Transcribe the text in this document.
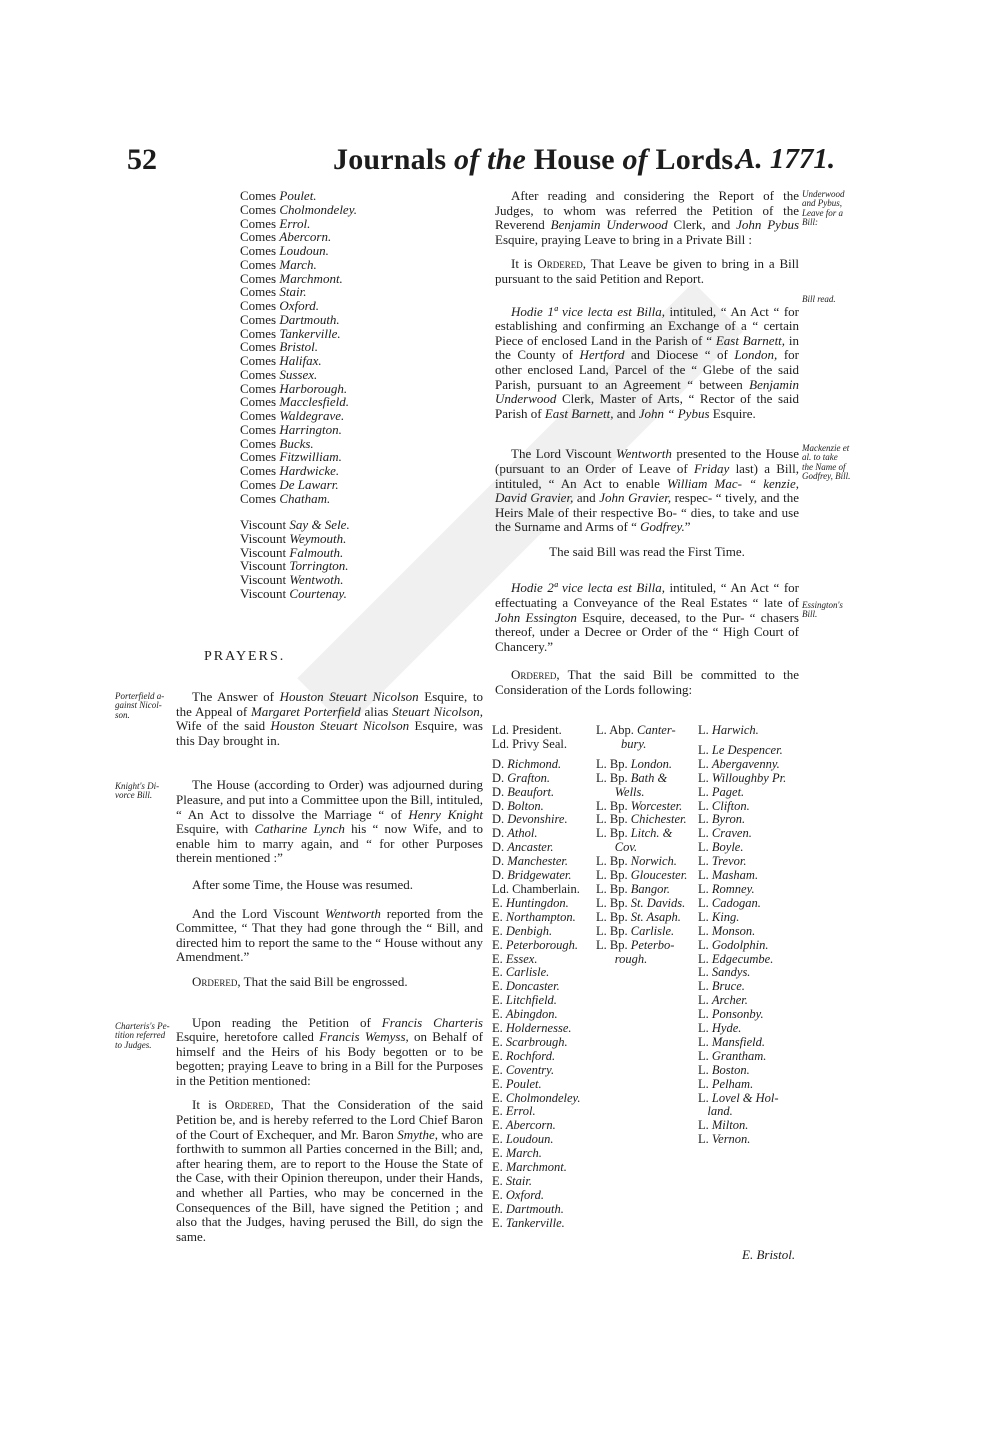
52	Journals of the House of Lords.
A. 1771.
Comes Poulet.
Comes Cholmondeley.
Comes Errol.
Comes Abercorn.
Comes Loudoun.
Comes March.
Comes Marchmont.
Comes Stair.
Comes Oxford.
Comes Dartmouth.
Comes Tankerville.
Comes Bristol.
Comes Halifax.
Comes Sussex.
Comes Harborough.
Comes Macclesfield.
Comes Waldegrave.
Comes Harrington.
Comes Bucks.
Comes Fitzwilliam.
Comes Hardwicke.
Comes De Lawarr.
Comes Chatham.
Viscount Say & Sele.
Viscount Weymouth.
Viscount Falmouth.
Viscount Torrington.
Viscount Wentwoth.
Viscount Courtenay.
PRAYERS.
Porterfield a-
gainst Nicol-
son.
Knight's Di-
vorce Bill.
Charteris's Pe-
tition referred
to Judges.

The Answer of Houston Steuart Nicolson Esquire, to the Appeal of Margaret Porterfield alias Steuart Nicolson, Wife of the said Houston Steuart Nicolson Esquire, was this Day brought in.

The House (according to Order) was adjourned during Pleasure, and put into a Committee upon the Bill, intituled, “ An Act to dissolve the Marriage “ of Henry Knight Esquire, with Catharine Lynch his “ now Wife, and to enable him to marry again, and “ for other Purposes therein mentioned :”

After some Time, the House was resumed.

And the Lord Viscount Wentworth reported from the Committee, “ That they had gone through the “ Bill, and directed him to report the same to the “ House without any Amendment.”

Ordered, That the said Bill be engrossed.

Upon reading the Petition of Francis Charteris Esquire, heretofore called Francis Wemyss, on Behalf of himself and the Heirs of his Body begotten or to be begotten; praying Leave to bring in a Bill for the Purposes in the Petition mentioned:

It is Ordered, That the Consideration of the said Petition be, and is hereby referred to the Lord Chief Baron of the Court of Exchequer, and Mr. Baron Smythe, who are forthwith to summon all Parties concerned in the Bill; and, after hearing them, are to report to the House the State of the Case, with their Opinion thereupon, under their Hands, and whether all Parties, who may be concerned in the Consequences of the Bill, have signed the Petition ; and also that the Judges, having perused the Bill, do sign the same.

Underwood
and Pybus,
Leave for a
Bill:
Bill read.
Mackenzie et
al. to take
the Name of
Godfrey, Bill.
Essington's
Bill.

After reading and considering the Report of the Judges, to whom was referred the Petition of the Reverend Benjamin Underwood Clerk, and John Pybus Esquire, praying Leave to bring in a Private Bill :

It is Ordered, That Leave be given to bring in a Bill pursuant to the said Petition and Report.

Hodie 1ª vice lecta est Billa, intituled, “ An Act “ for establishing and confirming an Exchange of a “ certain Piece of enclosed Land in the Parish of “ East Barnett, in the County of Hertford and Diocese “ of London, for other enclosed Land, Parcel of the “ Glebe of the said Parish, pursuant to an Agreement “ between Benjamin Underwood Clerk, Master of Arts, “ Rector of the said Parish of East Barnett, and John “ Pybus Esquire.

The Lord Viscount Wentworth presented to the House (pursuant to an Order of Leave of Friday last) a Bill, intituled, “ An Act to enable William Mac- “ kenzie, David Gravier, and John Gravier, respec- “ tively, and the Heirs Male of their respective Bo- “ dies, to take and use the Surname and Arms of “ Godfrey.”

The said Bill was read the First Time.

Hodie 2ª vice lecta est Billa, intituled, “ An Act “ for effectuating a Conveyance of the Real Estates “ late of John Essington Esquire, deceased, to the Pur- “ chasers thereof, under a Decree or Order of the “ High Court of Chancery.”

Ordered, That the said Bill be committed to the Consideration of the Lords following:

Ld. President.
Ld. Privy Seal.
D. Richmond.
D. Grafton.
D. Beaufort.
D. Bolton.
D. Devonshire.
D. Athol.
D. Ancaster.
D. Manchester.
D. Bridgewater.
Ld. Chamberlain.
E. Huntingdon.
E. Northampton.
E. Denbigh.
E. Peterborough.
E. Essex.
E. Carlisle.
E. Doncaster.
E. Litchfield.
E. Abingdon.
E. Holdernesse.
E. Scarbrough.
E. Rochford.
E. Coventry.
E. Poulet.
E. Cholmondeley.
E. Errol.
E. Abercorn.
E. Loudoun.
E. March.
E. Marchmont.
E. Stair.
E. Oxford.
E. Dartmouth.
E. Tankerville.
L. Abp. Canter-
bury.
L. Bp. London.
L. Bp. Bath &
Wells.
L. Bp. Worcester.
L. Bp. Chichester.
L. Bp. Litch. &
Cov.
L. Bp. Norwich.
L. Bp. Gloucester.
L. Bp. Bangor.
L. Bp. St. Davids.
L. Bp. St. Asaph.
L. Bp. Carlisle.
L. Bp. Peterbo-
rough.
L. Harwich.
L. Le Despencer.
L. Abergavenny.
L. Willoughby Pr.
L. Paget.
L. Clifton.
L. Byron.
L. Craven.
L. Boyle.
L. Trevor.
L. Masham.
L. Romney.
L. Cadogan.
L. King.
L. Monson.
L. Godolphin.
L. Edgecumbe.
L. Sandys.
L. Bruce.
L. Archer.
L. Ponsonby.
L. Hyde.
L. Mansfield.
L. Grantham.
L. Boston.
L. Pelham.
L. Lovel & Hol-
land.
L. Milton.
L. Vernon.
E. Bristol.
